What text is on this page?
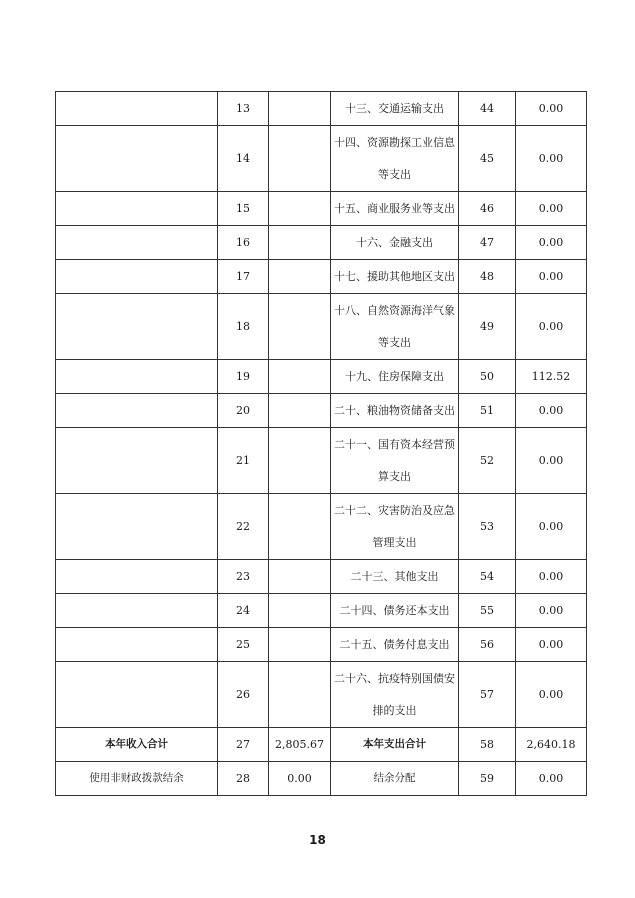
	13		十三、交通运输支出	44	0.00
	14		十四、资源勘探工业信息等支出	45	0.00
	15		十五、商业服务业等支出	46	0.00
	16		十六、金融支出	47	0.00
	17		十七、援助其他地区支出	48	0.00
	18		十八、自然资源海洋气象等支出	49	0.00
	19		十九、住房保障支出	50	112.52
	20		二十、粮油物资储备支出	51	0.00
	21		二十一、国有资本经营预算支出	52	0.00
	22		二十二、灾害防治及应急管理支出	53	0.00
	23		二十三、其他支出	54	0.00
	24		二十四、债务还本支出	55	0.00
	25		二十五、债务付息支出	56	0.00
	26		二十六、抗疫特别国债安排的支出	57	0.00
本年收入合计	27	2,805.67	本年支出合计	58	2,640.18
使用非财政拨款结余	28	0.00	结余分配	59	0.00
18
